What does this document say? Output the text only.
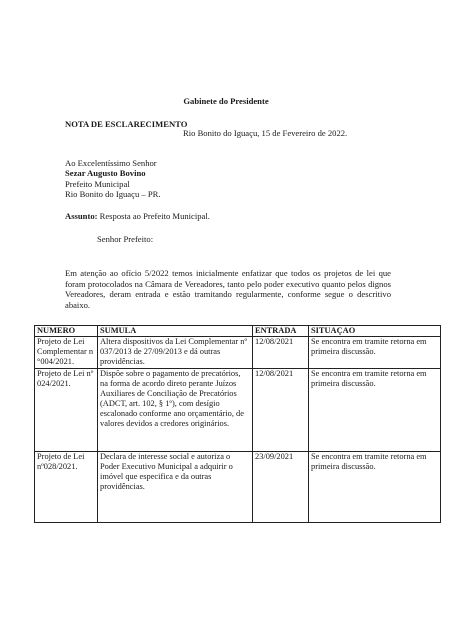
Gabinete do Presidente
NOTA DE ESCLARECIMENTO
Rio Bonito do Iguaçu, 15 de Fevereiro de 2022.
Ao Excelentíssimo Senhor
Sezar Augusto Bovino
Prefeito Municipal
Rio Bonito do Iguaçu – PR.
Assunto: Resposta ao Prefeito Municipal.
Senhor Prefeito:
Em atenção ao ofício 5/2022 temos inicialmente enfatizar que todos os projetos de lei que foram protocolados na Câmara de Vereadores, tanto pelo poder executivo quanto pelos dignos Vereadores, deram entrada e estão tramitando regularmente, conforme segue o descritivo abaixo.
NUMERO	SUMULA	ENTRADA	SITUAÇAO
Projeto de Lei Complementar n °004/2021.	Altera dispositivos da Lei Complementar nº 037/2013 de 27/09/2013 e dá outras providências.	12/08/2021	Se encontra em tramite retorna em primeira discussão.
Projeto de Lei nº 024/2021.	Dispõe sobre o pagamento de precatórios, na forma de acordo direto perante Juízos Auxiliares de Conciliação de Precatórios (ADCT, art. 102, § 1º), com desígio escalonado conforme ano orçamentário, de valores devidos a credores originários.	12/08/2021	Se encontra em tramite retorna em primeira discussão.
Projeto de Lei nº028/2021.	Declara de interesse social e autoriza o Poder Executivo Municipal a adquirir o imóvel que especifica e da outras providências.	23/09/2021	Se encontra em tramite retorna em primeira discussão.
